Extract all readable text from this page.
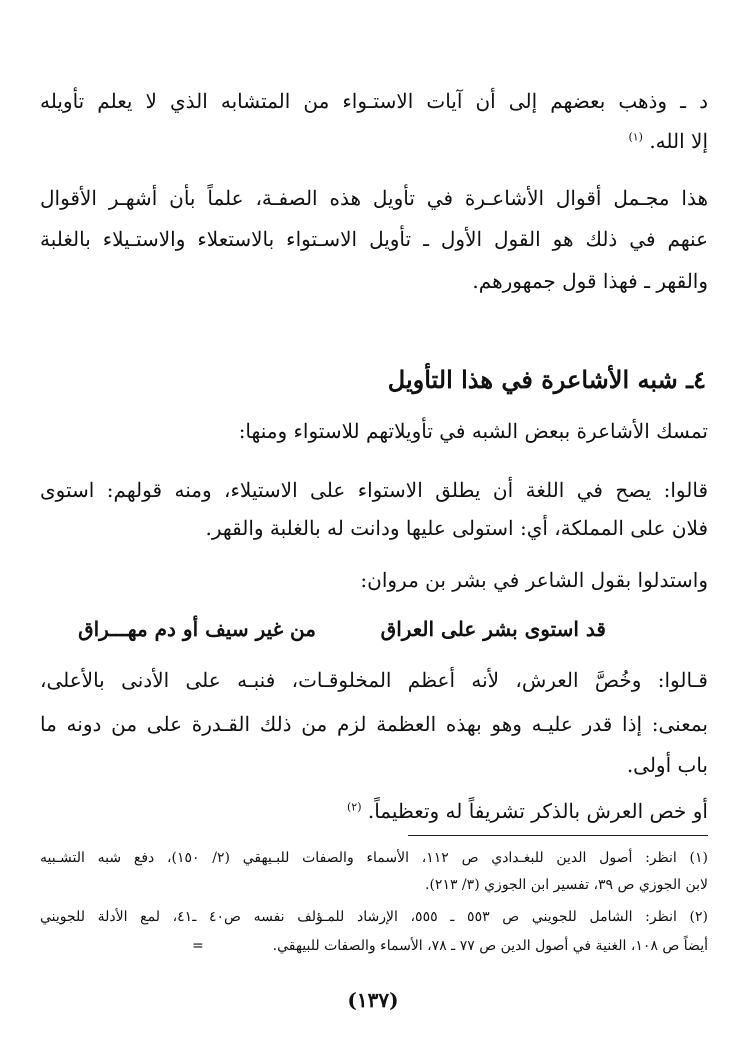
د ـ وذهب بعضهم إلى أن آيات الاستـواء من المتشابه الذي لا يعلم تأويله
إلا الله. $^{(١)}$
هذا مجـمل أقوال الأشاعـرة في تأويل هذه الصفـة، علماً بأن أشهـر الأقوال
عنهم في ذلك هو القول الأول ـ تأويل الاسـتواء بالاستعلاء والاستـيلاء بالغلبة
والقهر ـ فهذا قول جمهورهم.
٤ـ شبه الأشاعرة في هذا التأويل
تمسك الأشاعرة ببعض الشبه في تأويلاتهم للاستواء ومنها:
قالوا: يصح في اللغة أن يطلق الاستواء على الاستيلاء، ومنه قولهم: استوى
فلان على المملكة، أي: استولى عليها ودانت له بالغلبة والقهر.
واستدلوا بقول الشاعر في بشر بن مروان:
قد استوى بشر على العراق
من غير سيف أو دم مهـــراق
قـالوا: وخُصَّ العرش، لأنه أعظم المخلوقـات، فنبـه على الأدنى بالأعلى،
بمعنى: إذا قدر عليـه وهو بهذه العظمة لزم من ذلك القـدرة على من دونه ما
باب أولى.
أو خص العرش بالذكر تشريفاً له وتعظيماً. $^{(٢)}$
(١) انظر: أصول الدين للبغـدادي ص ١١٢، الأسماء والصفات للبـيهقي (٢/ ١٥٠)، دفع شبه التشـبيه
لابن الجوزي ص ٣٩، تفسير ابن الجوزي (٣/ ٢١٣).
(٢) انظر: الشامل للجويني ص ٥٥٣ ـ ٥٥٥، الإرشاد للمـؤلف نفسه ص٤٠ ـ٤١، لمع الأدلة للجويني
أيضاً ص ١٠٨، الغنية في أصول الدين ص ٧٧ ـ ٧٨، الأسماء والصفات للبيهقي.  =
(١٣٧)
